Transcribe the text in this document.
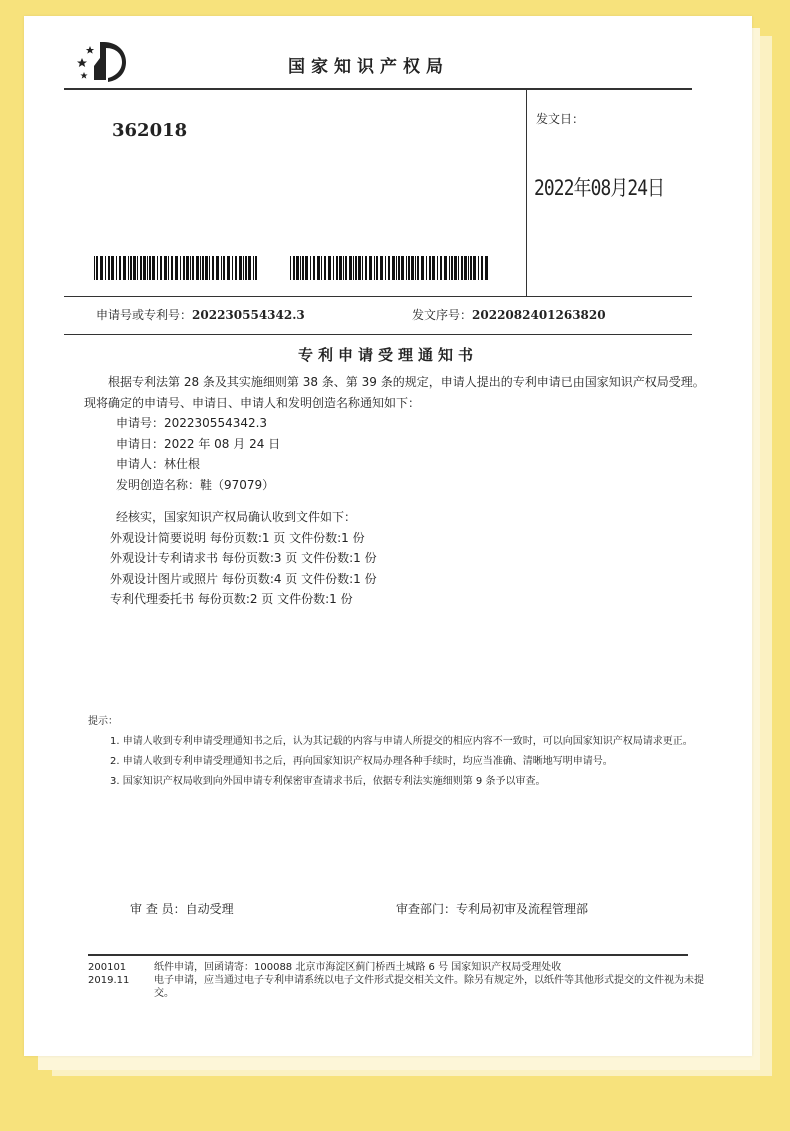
国家知识产权局
362018
发文日：
2022年08月24日
申请号或专利号：202230554342.3	发文序号：2022082401263820
专利申请受理通知书

根据专利法第 28 条及其实施细则第 38 条、第 39 条的规定，申请人提出的专利申请已由国家知识产权局受理。现将确定的申请号、申请日、申请人和发明创造名称通知如下：

申请号：202230554342.3

申请日：2022 年 08 月 24 日

申请人：林仕根

发明创造名称：鞋（97079）

经核实，国家知识产权局确认收到文件如下：

外观设计简要说明 每份页数:1 页 文件份数:1 份

外观设计专利请求书 每份页数:3 页 文件份数:1 份

外观设计图片或照片 每份页数:4 页 文件份数:1 份

专利代理委托书 每份页数:2 页 文件份数:1 份

提示：

1. 申请人收到专利申请受理通知书之后，认为其记载的内容与申请人所提交的相应内容不一致时，可以向国家知识产权局请求更正。

2. 申请人收到专利申请受理通知书之后，再向国家知识产权局办理各种手续时，均应当准确、清晰地写明申请号。

3. 国家知识产权局收到向外国申请专利保密审查请求书后，依据专利法实施细则第 9 条予以审查。

审 查 员：自动受理	审查部门：专利局初审及流程管理部
200101
2019.11
纸件申请，回函请寄：100088 北京市海淀区蓟门桥西土城路 6 号 国家知识产权局受理处收
电子申请，应当通过电子专利申请系统以电子文件形式提交相关文件。除另有规定外，以纸件等其他形式提交的文件视为未提交。
